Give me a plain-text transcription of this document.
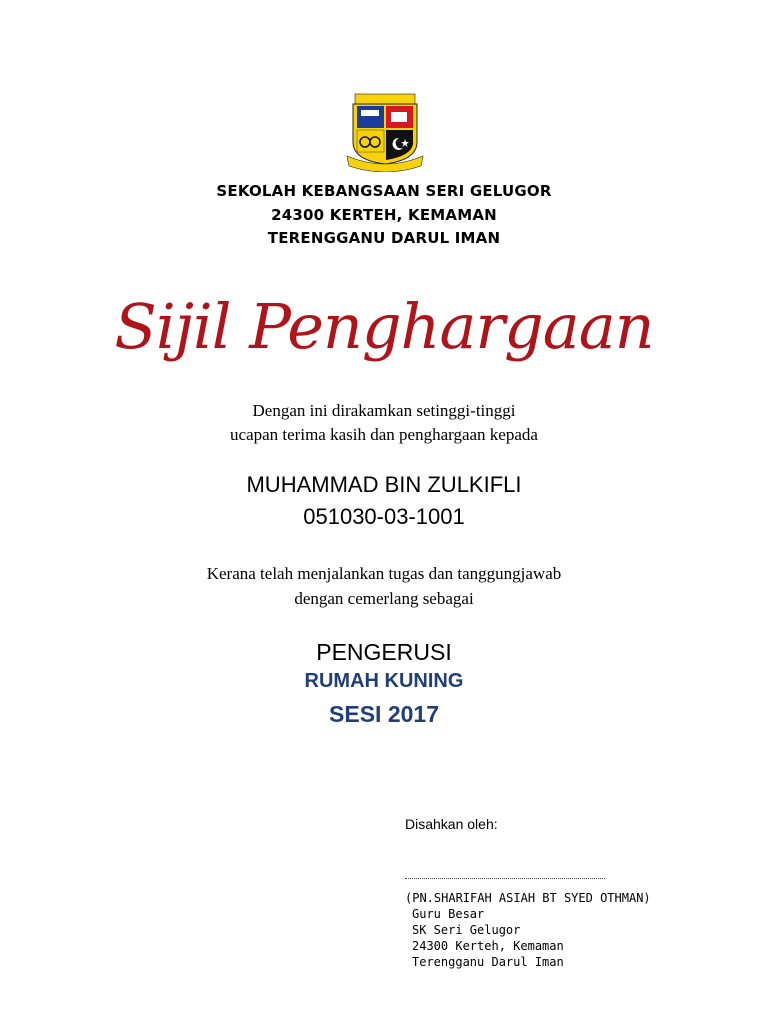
SEKOLAH KEBANGSAAN SERI GELUGOR
24300 KERTEH, KEMAMAN
TERENGGANU DARUL IMAN
Sijil Penghargaan
Dengan ini dirakamkan setinggi-tinggi
ucapan terima kasih dan penghargaan kepada
MUHAMMAD BIN ZULKIFLI
051030-03-1001
Kerana telah menjalankan tugas dan tanggungjawab
dengan cemerlang sebagai
PENGERUSI
RUMAH KUNING
SESI 2017
Disahkan oleh:
(PN.SHARIFAH ASIAH BT SYED OTHMAN)
Guru Besar
SK Seri Gelugor
24300 Kerteh, Kemaman
Terengganu Darul Iman
